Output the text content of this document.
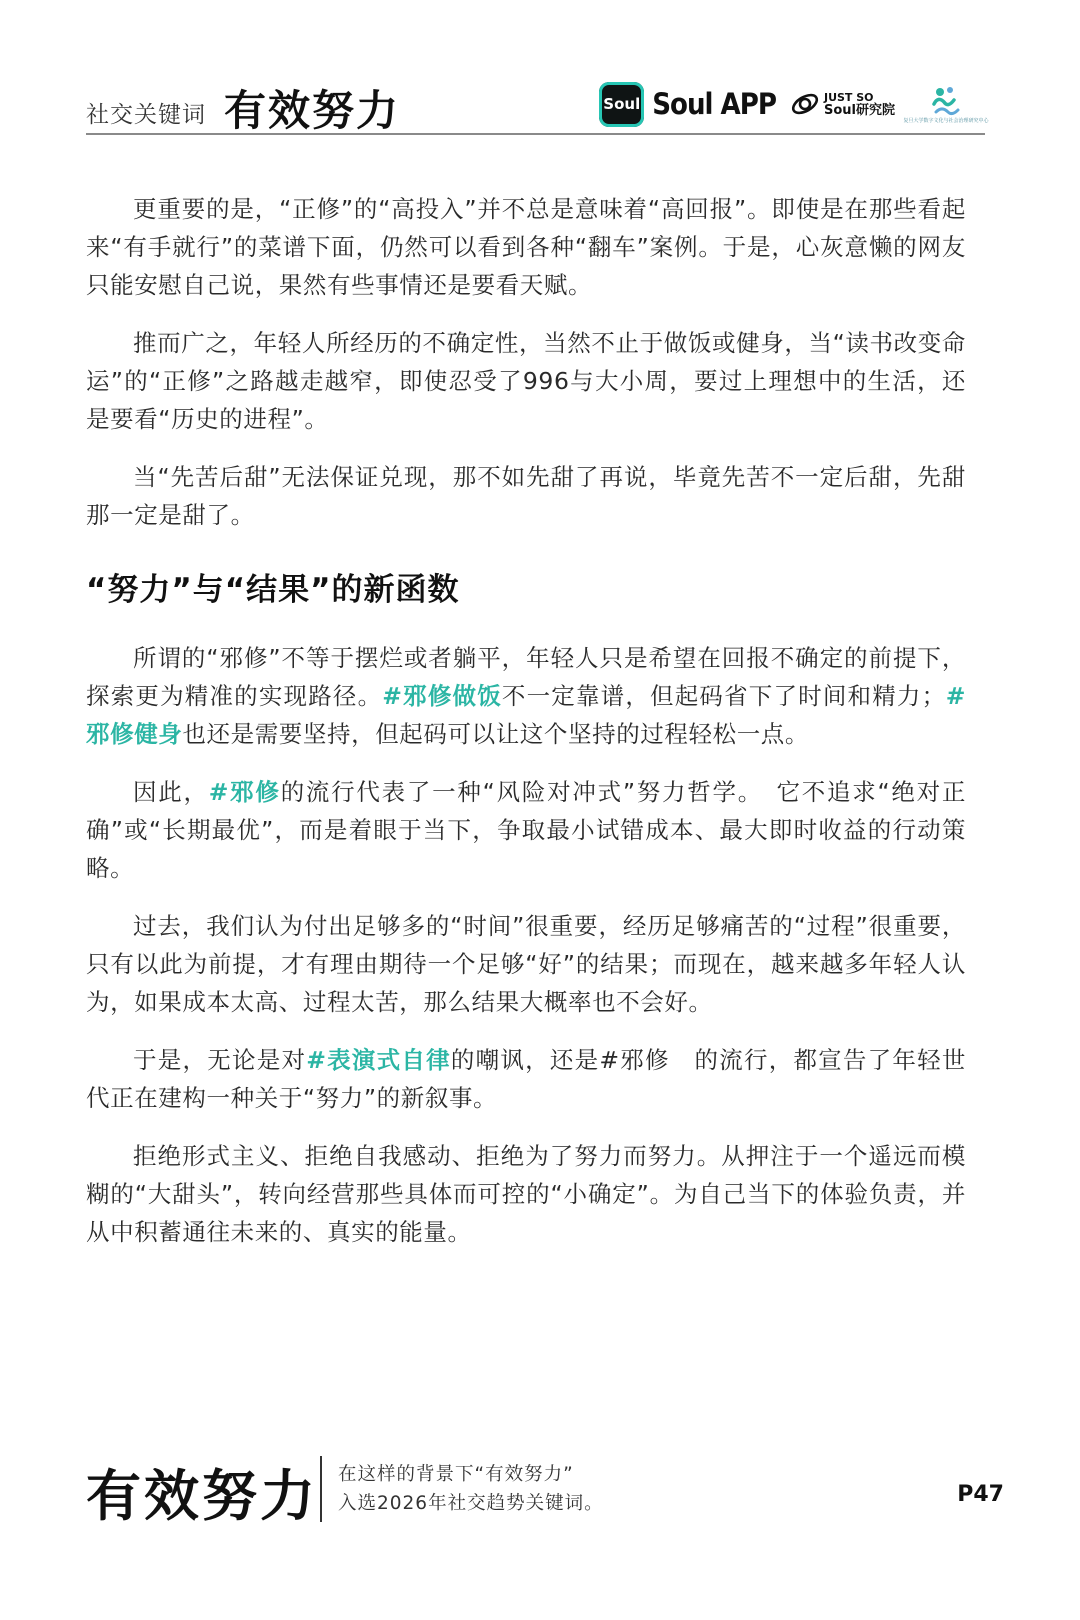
社交关键词 有效努力	Soul Soul APP	JUST SO
Soul研究院
复旦大学数字文化与社会治理研究中心

更重要的是，“正修”的“高投入”并不总是意味着“高回报”。即使是在那些看起来“有手就行”的菜谱下面，仍然可以看到各种“翻车”案例。于是，心灰意懒的网友只能安慰自己说，果然有些事情还是要看天赋。

推而广之，年轻人所经历的不确定性，当然不止于做饭或健身，当“读书改变命运”的“正修”之路越走越窄，即使忍受了996与大小周，要过上理想中的生活，还是要看“历史的进程”。

当“先苦后甜”无法保证兑现，那不如先甜了再说，毕竟先苦不一定后甜，先甜那一定是甜了。

“努力”与“结果”的新函数

所谓的“邪修”不等于摆烂或者躺平，年轻人只是希望在回报不确定的前提下，探索更为精准的实现路径。#邪修做饭不一定靠谱，但起码省下了时间和精力；#邪修健身也还是需要坚持，但起码可以让这个坚持的过程轻松一点。

因此，#邪修的流行代表了一种“风险对冲式”努力哲学。　它不追求“绝对正确”或“长期最优”，而是着眼于当下，争取最小试错成本、最大即时收益的行动策略。

过去，我们认为付出足够多的“时间”很重要，经历足够痛苦的“过程”很重要，只有以此为前提，才有理由期待一个足够“好”的结果；而现在，越来越多年轻人认为，如果成本太高、过程太苦，那么结果大概率也不会好。

于是，无论是对#表演式自律的嘲讽，还是#邪修　的流行，都宣告了年轻世代正在建构一种关于“努力”的新叙事。

拒绝形式主义、拒绝自我感动、拒绝为了努力而努力。从押注于一个遥远而模糊的“大甜头”，转向经营那些具体而可控的“小确定”。为自己当下的体验负责，并从中积蓄通往未来的、真实的能量。

有效努力 在这样的背景下“有效努力”
入选2026年社交趋势关键词。	P47
